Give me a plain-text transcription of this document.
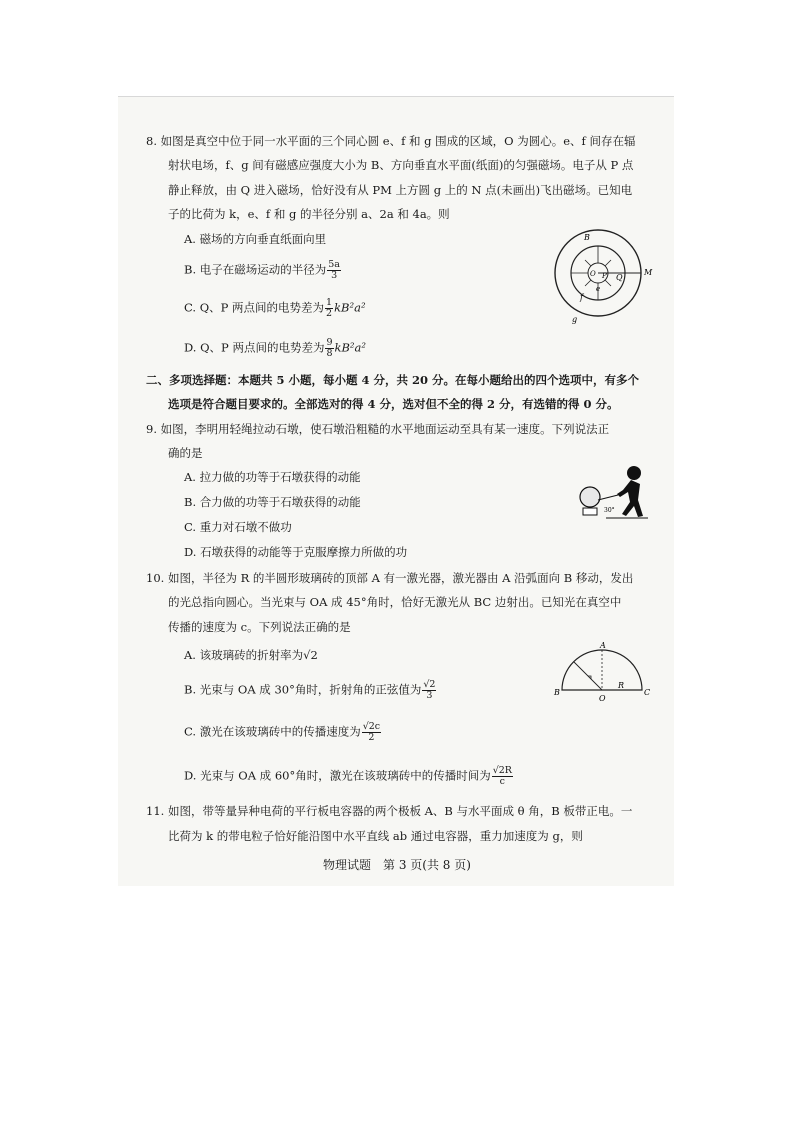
8. 如图是真空中位于同一水平面的三个同心圆 e、f 和 g 围成的区域，O 为圆心。e、f 间存在辐
射状电场，f、g 间有磁感应强度大小为 B、方向垂直水平面(纸面)的匀强磁场。电子从 P 点
静止释放，由 Q 进入磁场，恰好没有从 PM 上方圆 g 上的 N 点(未画出)飞出磁场。已知电
子的比荷为 k，e、f 和 g 的半径分别 a、2a 和 4a。则
A. 磁场的方向垂直纸面向里
B. 电子在磁场运动的半径为 $\frac{5a}{3}$
C. Q、P 两点间的电势差为 $\frac{1}{2} kB^2a^2$
D. Q、P 两点间的电势差为 $\frac{9}{8} kB^2a^2$
B
O P Q
M
e
f
g
二、多项选择题：本题共 5 小题，每小题 4 分，共 20 分。在每小题给出的四个选项中，有多个
选项是符合题目要求的。全部选对的得 4 分，选对但不全的得 2 分，有选错的得 0 分。
9. 如图，李明用轻绳拉动石墩，使石墩沿粗糙的水平地面运动至具有某一速度。下列说法正
确的是
A. 拉力做的功等于石墩获得的动能
B. 合力做的功等于石墩获得的动能
C. 重力对石墩不做功
D. 石墩获得的动能等于克服摩擦力所做的功
30°
10. 如图，半径为 R 的半圆形玻璃砖的顶部 A 有一激光器，激光器由 A 沿弧面向 B 移动，发出
的光总指向圆心。当光束与 OA 成 45°角时，恰好无激光从 BC 边射出。已知光在真空中
传播的速度为 c。下列说法正确的是
A. 该玻璃砖的折射率为√2
B. 光束与 OA 成 30°角时，折射角的正弦值为 $\frac{√2}{3}$
C. 激光在该玻璃砖中的传播速度为 $\frac{√2c}{2}$
D. 光束与 OA 成 60°角时，激光在该玻璃砖中的传播时间为 $\frac{√2R}{c}$
A
B	C
O
R
11. 如图，带等量异种电荷的平行板电容器的两个极板 A、B 与水平面成 θ 角，B 板带正电。一
比荷为 k 的带电粒子恰好能沿图中水平直线 ab 通过电容器，重力加速度为 g，则
物理试题　第 3 页(共 8 页)
